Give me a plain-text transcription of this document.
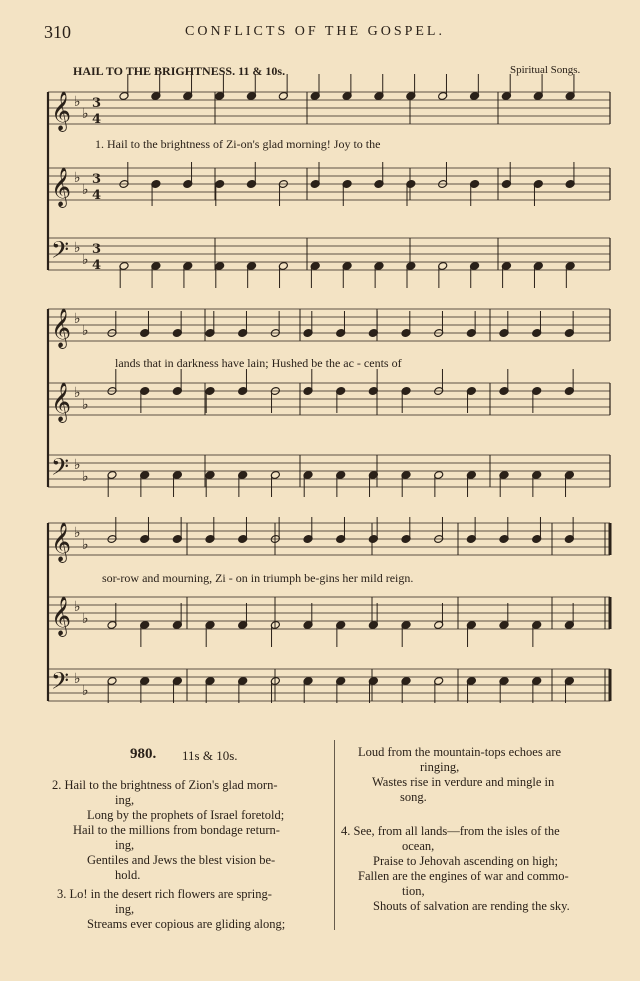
310	CONFLICTS OF THE GOSPEL.
HAIL TO THE BRIGHTNESS. 11 & 10s.	Spiritual Songs.
𝄞 ♭
♭
3
4
𝄞 ♭
♭
3
4
𝄢 ♭
♭
3
4
𝄞 ♭
♭
𝄞 ♭
♭
𝄢 ♭
♭
𝄞 ♭
♭
𝄞 ♭
♭
𝄢 ♭
♭
1. Hail to the brightness of Zi-on's glad morning! Joy to the
lands that in darkness have lain; Hushed be the ac - cents of
sor-row and mourning, Zi - on in triumph be-gins her mild reign.
980. 11s & 10s.
2. Hail to the brightness of Zion's glad morn-
ing,
Long by the prophets of Israel foretold;
Hail to the millions from bondage return-
ing,
Gentiles and Jews the blest vision be-
hold.
3. Lo! in the desert rich flowers are spring-
ing,
Streams ever copious are gliding along;
Loud from the mountain-tops echoes are
ringing,
Wastes rise in verdure and mingle in
song.
4. See, from all lands—from the isles of the
ocean,
Praise to Jehovah ascending on high;
Fallen are the engines of war and commo-
tion,
Shouts of salvation are rending the sky.
